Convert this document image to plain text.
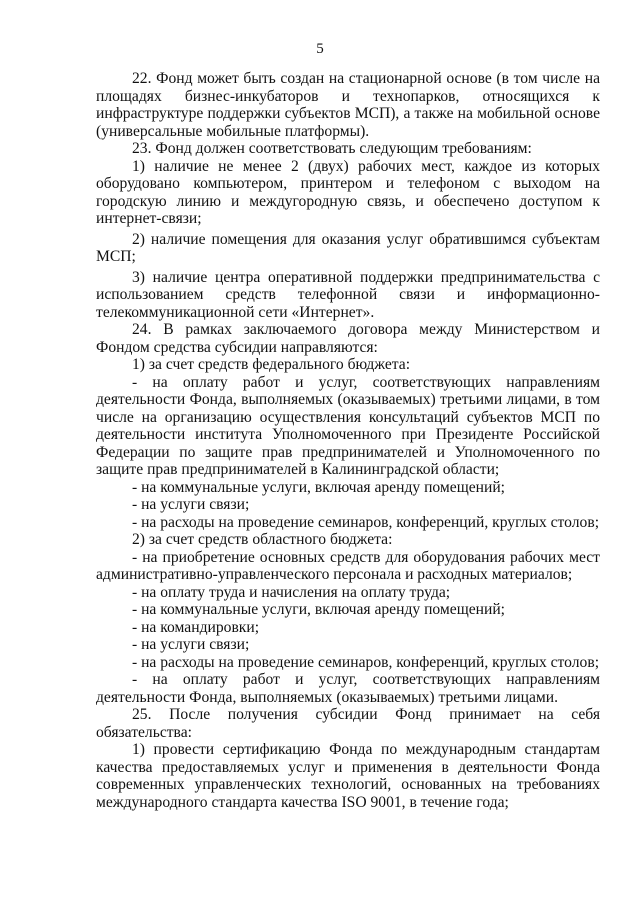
5

22. Фонд может быть создан на стационарной основе (в том числе на площадях бизнес-инкубаторов и технопарков, относящихся к инфраструктуре поддержки субъектов МСП), а также на мобильной основе (универсальные мобильные платформы).

23. Фонд должен соответствовать следующим требованиям:

1) наличие не менее 2 (двух) рабочих мест, каждое из которых оборудовано компьютером, принтером и телефоном с выходом на городскую линию и междугородную связь, и обеспечено доступом к интернет-связи;

2) наличие помещения для оказания услуг обратившимся субъектам МСП;

3) наличие центра оперативной поддержки предпринимательства с использованием средств телефонной связи и информационно-телекоммуникационной сети «Интернет».

24. В рамках заключаемого договора между Министерством и Фондом средства субсидии направляются:

1) за счет средств федерального бюджета:

- на оплату работ и услуг, соответствующих направлениям деятельности Фонда, выполняемых (оказываемых) третьими лицами, в том числе на организацию осуществления консультаций субъектов МСП по деятельности института Уполномоченного при Президенте Российской Федерации по защите прав предпринимателей и Уполномоченного по защите прав предпринимателей в Калининградской области;

- на коммунальные услуги, включая аренду помещений;

- на услуги связи;

- на расходы на проведение семинаров, конференций, круглых столов;

2) за счет средств областного бюджета:

- на приобретение основных средств для оборудования рабочих мест административно-управленческого персонала и расходных материалов;

- на оплату труда и начисления на оплату труда;

- на коммунальные услуги, включая аренду помещений;

- на командировки;

- на услуги связи;

- на расходы на проведение семинаров, конференций, круглых столов;

- на оплату работ и услуг, соответствующих направлениям деятельности Фонда, выполняемых (оказываемых) третьими лицами.

25. После получения субсидии Фонд принимает на себя обязательства:

1) провести сертификацию Фонда по международным стандартам качества предоставляемых услуг и применения в деятельности Фонда современных управленческих технологий, основанных на требованиях международного стандарта качества ISO 9001, в течение года;
